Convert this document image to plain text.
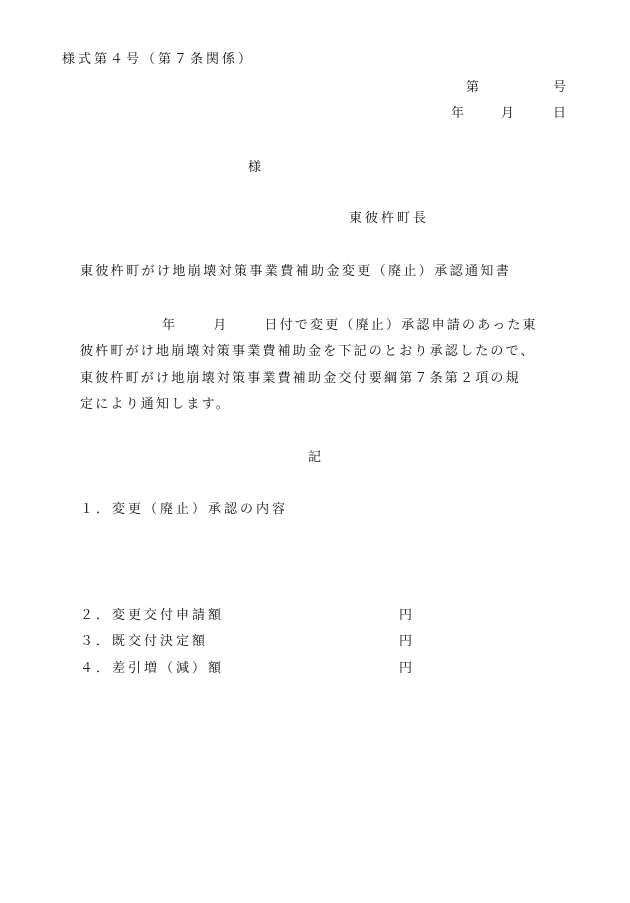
様式第４号（第７条関係）
第	号
年	月	日
様
東彼杵町長
東彼杵町がけ地崩壊対策事業費補助金変更（廃止）承認通知書
年	月	日付で変更（廃止）承認申請のあった東
彼杵町がけ地崩壊対策事業費補助金を下記のとおり承認したので、
東彼杵町がけ地崩壊対策事業費補助金交付要綱第７条第２項の規
定により通知します。
記
１．変更（廃止）承認の内容
２．変更交付申請額	円
３．既交付決定額	円
４．差引増（減）額	円
